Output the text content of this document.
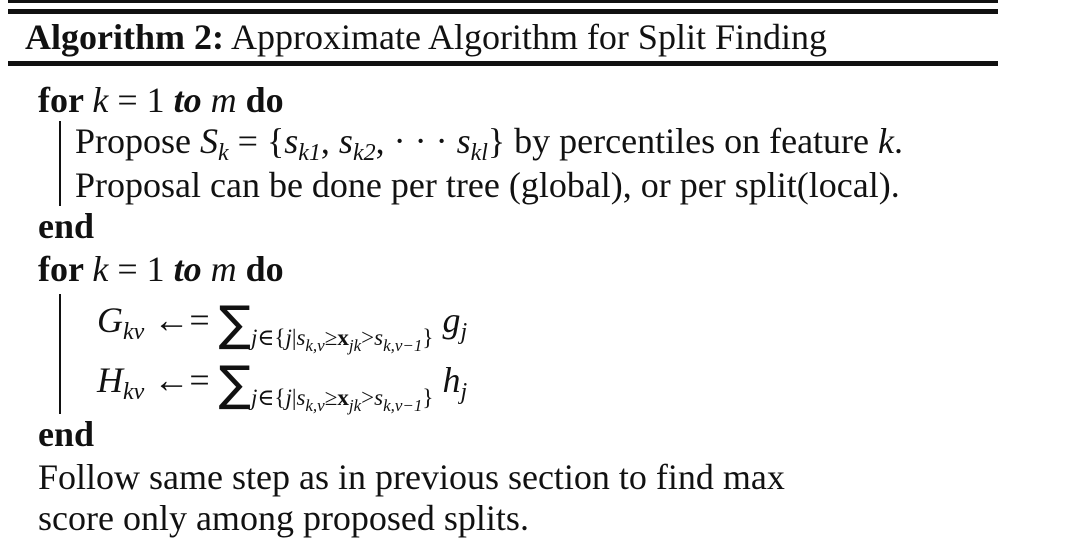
Algorithm 2: Approximate Algorithm for Split Finding
for k = 1 to m do
Propose Sk = {sk1, sk2, · · · skl} by percentiles on feature k.
Proposal can be done per tree (global), or per split(local).
end
for k = 1 to m do
Gkv ←= $\sum_{j\in\{j|sk,v\ge xjk>sk,v-1\}}$ gj
Hkv ←= $\sum_{j\in\{j|sk,v\ge xjk>sk,v-1\}}$ hj
end
Follow same step as in previous section to find max
score only among proposed splits.
